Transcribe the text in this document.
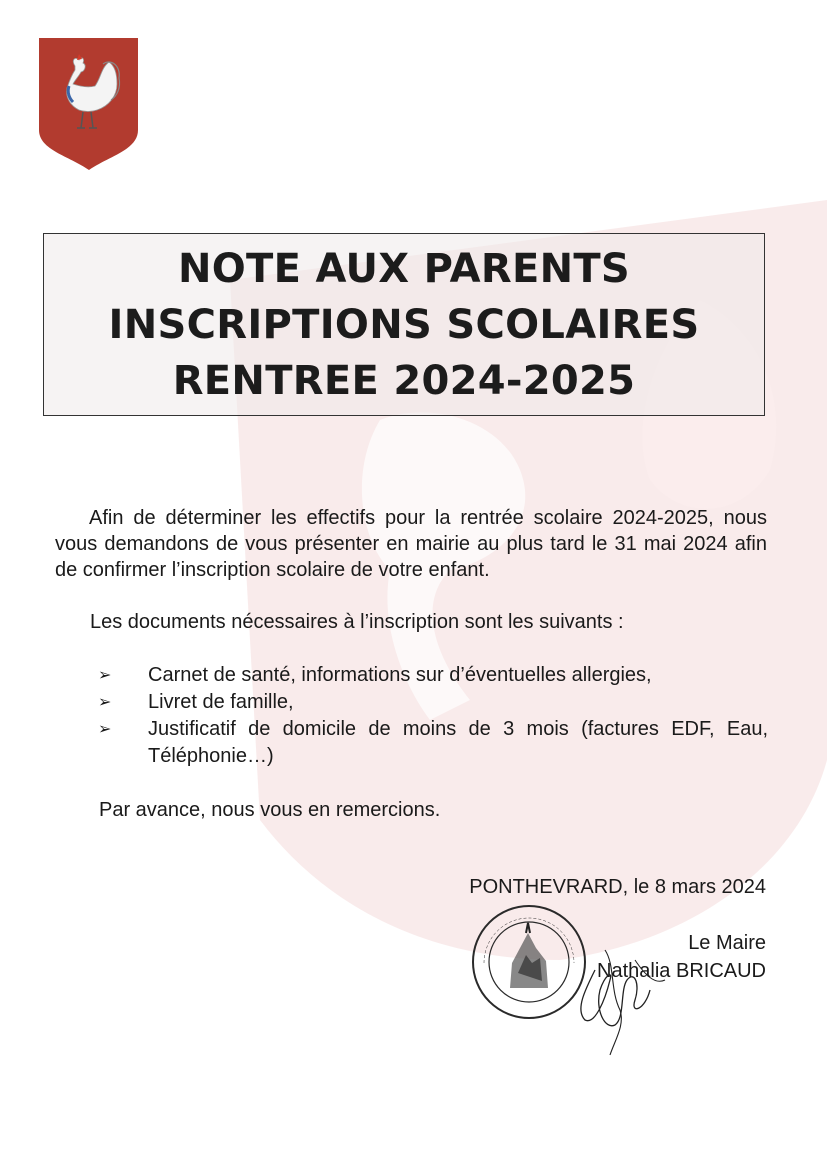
NOTE AUX PARENTS
INSCRIPTIONS SCOLAIRES
RENTREE 2024-2025

Afin de déterminer les effectifs pour la rentrée scolaire 2024-2025, nous vous demandons de vous présenter en mairie au plus tard le 31 mai 2024 afin de confirmer l’inscription scolaire de votre enfant.

Les documents nécessaires à l’inscription sont les suivants :

➢ Carnet de santé, informations sur d’éventuelles allergies,
➢ Livret de famille,
➢ Justificatif de domicile de moins de 3 mois (factures EDF, Eau, Téléphonie…)

Par avance, nous vous en remercions.

PONTHEVRARD, le 8 mars 2024

Le Maire

Nathalia BRICAUD
